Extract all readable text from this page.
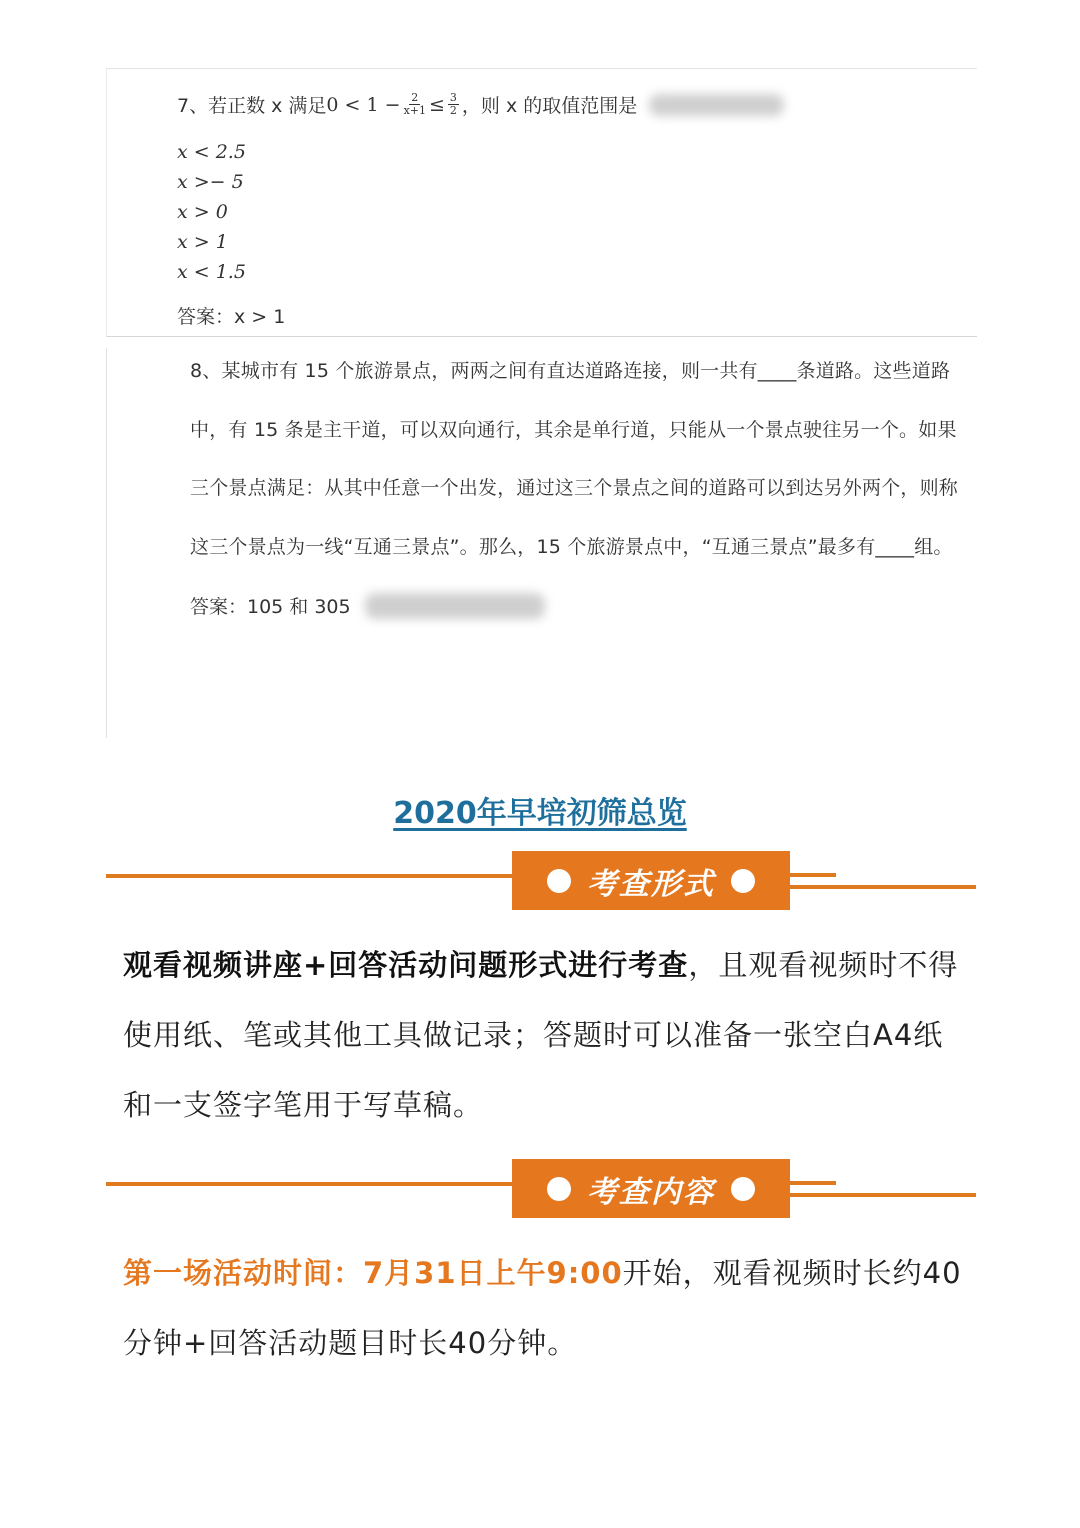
7、若正数 x 满足 $0 < 1 - \frac{2}{x+1} \le \frac{3}{2}$ ，则 x 的取值范围是
x < 2.5
x >− 5
x > 0
x > 1
x < 1.5
答案：x > 1

8、某城市有 15 个旅游景点，两两之间有直达道路连接，则一共有____条道路。这些道路

中，有 15 条是主干道，可以双向通行，其余是单行道，只能从一个景点驶往另一个。如果

三个景点满足：从其中任意一个出发，通过这三个景点之间的道路可以到达另外两个，则称

这三个景点为一线“互通三景点”。那么，15 个旅游景点中，“互通三景点”最多有____组。

答案：105 和 305
2020年早培初筛总览
考查形式
观看视频讲座+回答活动问题形式进行考查，且观看视频时不得使用纸、笔或其他工具做记录；答题时可以准备一张空白A4纸和一支签字笔用于写草稿。
考查内容
第一场活动时间：7月31日上午9:00开始，观看视频时长约40分钟+回答活动题目时长40分钟。
